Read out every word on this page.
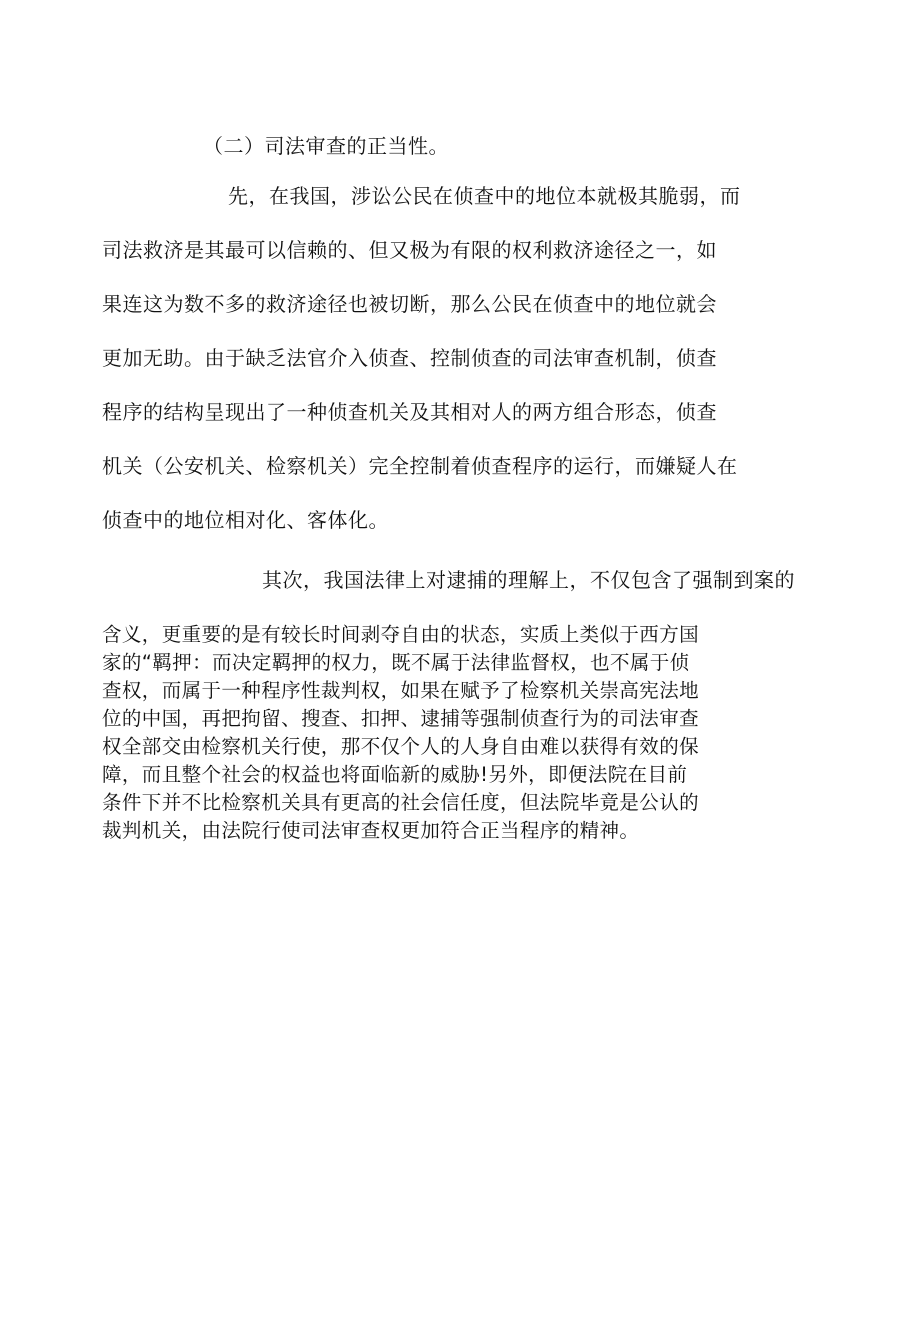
（二）司法审查的正当性。
先，在我国，涉讼公民在侦查中的地位本就极其脆弱，而
司法救济是其最可以信赖的、但又极为有限的权利救济途径之一，如
果连这为数不多的救济途径也被切断，那么公民在侦查中的地位就会
更加无助。由于缺乏法官介入侦查、控制侦查的司法审查机制，侦查
程序的结构呈现出了一种侦查机关及其相对人的两方组合形态，侦查
机关（公安机关、检察机关）完全控制着侦查程序的运行，而嫌疑人在
侦查中的地位相对化、客体化。
其次，我国法律上对逮捕的理解上，不仅包含了强制到案的
含义，更重要的是有较长时间剥夺自由的状态，实质上类似于西方国
家的“羁押：而决定羁押的权力，既不属于法律监督权，也不属于侦
查权，而属于一种程序性裁判权，如果在赋予了检察机关崇高宪法地
位的中国，再把拘留、搜查、扣押、逮捕等强制侦查行为的司法审查
权全部交由检察机关行使，那不仅个人的人身自由难以获得有效的保
障，而且整个社会的权益也将面临新的威胁!另外，即便法院在目前
条件下并不比检察机关具有更高的社会信任度，但法院毕竟是公认的
裁判机关，由法院行使司法审查权更加符合正当程序的精神。
